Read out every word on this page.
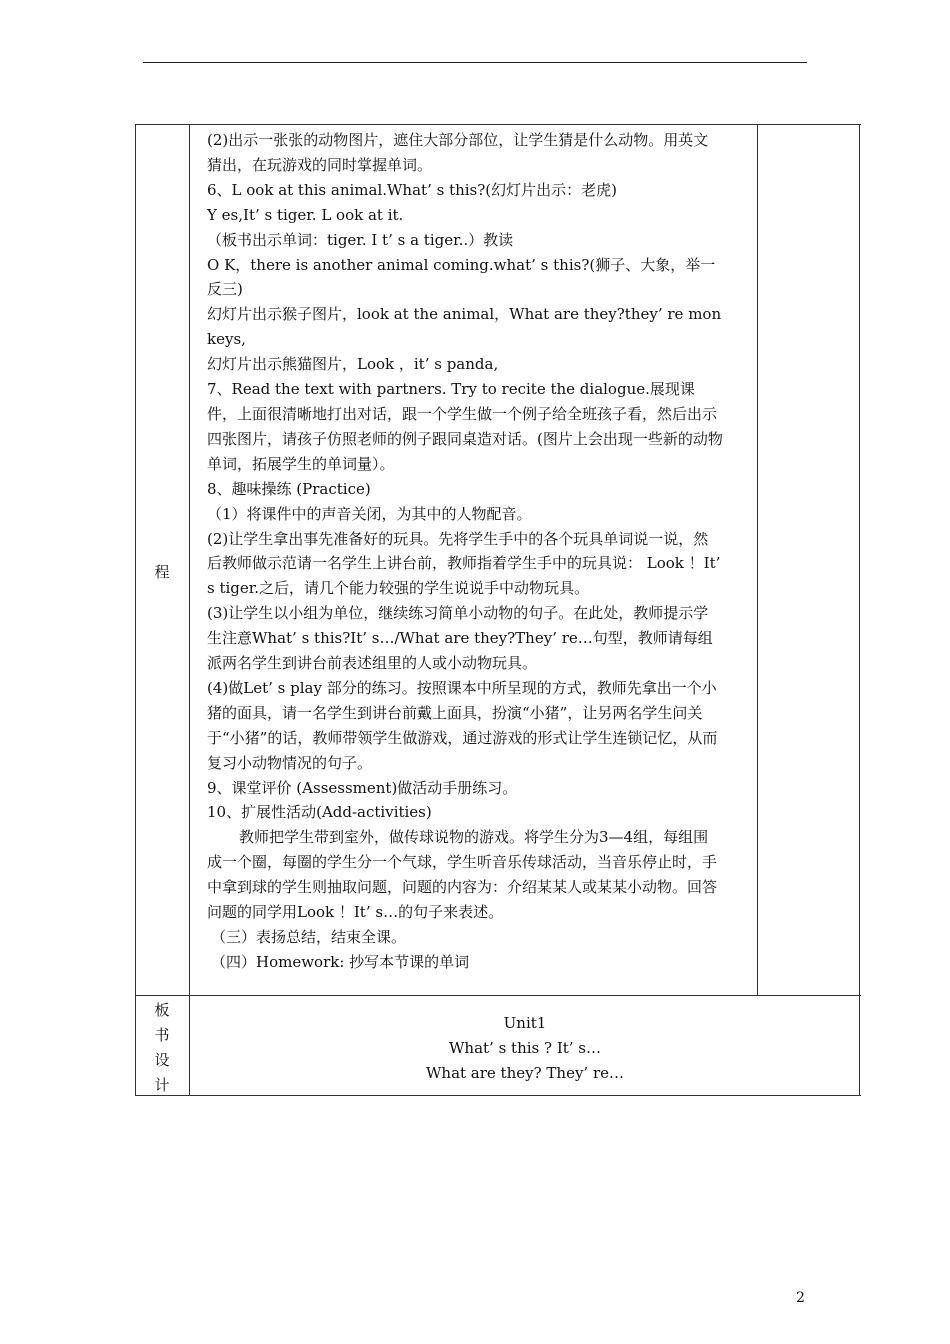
程

(2)出示一张张的动物图片，遮住大部分部位，让学生猜是什么动物。用英文猜出，在玩游戏的同时掌握单词。

6、L ook at this animal.What’ s this?(幻灯片出示：老虎)

Y es,It’ s tiger. L ook at it.

（板书出示单词：tiger. I t’ s a tiger..）教读

O K，there is another animal coming.what’ s this?(狮子、大象，举一反三)

幻灯片出示猴子图片，look at the animal，What are they?they’ re monkeys,

幻灯片出示熊猫图片，Look ，it’ s panda,

7、Read the text with partners. Try to recite the dialogue.展现课件，上面很清晰地打出对话，跟一个学生做一个例子给全班孩子看，然后出示四张图片，请孩子仿照老师的例子跟同桌造对话。(图片上会出现一些新的动物单词，拓展学生的单词量）。

8、趣味操练 (Practice)

（1）将课件中的声音关闭，为其中的人物配音。

(2)让学生拿出事先准备好的玩具。先将学生手中的各个玩具单词说一说，然后教师做示范请一名学生上讲台前，教师指着学生手中的玩具说： Look ！It’ s tiger.之后，请几个能力较强的学生说说手中动物玩具。

(3)让学生以小组为单位，继续练习简单小动物的句子。在此处，教师提示学生注意What’ s this?It’ s…/What are they?They’ re…句型，教师请每组派两名学生到讲台前表述组里的人或小动物玩具。

(4)做Let’ s play 部分的练习。按照课本中所呈现的方式，教师先拿出一个小猪的面具，请一名学生到讲台前戴上面具，扮演“小猪”，让另两名学生问关于“小猪”的话，教师带领学生做游戏，通过游戏的形式让学生连锁记忆，从而复习小动物情况的句子。

9、课堂评价 (Assessment)做活动手册练习。

10、扩展性活动(Add-activities)

教师把学生带到室外，做传球说物的游戏。将学生分为3—4组，每组围成一个圈，每圈的学生分一个气球，学生听音乐传球活动，当音乐停止时，手中拿到球的学生则抽取问题，问题的内容为：介绍某某人或某某小动物。回答问题的同学用Look ！It’ s…的句子来表述。

（三）表扬总结，结束全课。

（四）Homework: 抄写本节课的单词

板
书
设
计

Unit1

What’ s this ? It’ s…

What are they? They’ re…

2
